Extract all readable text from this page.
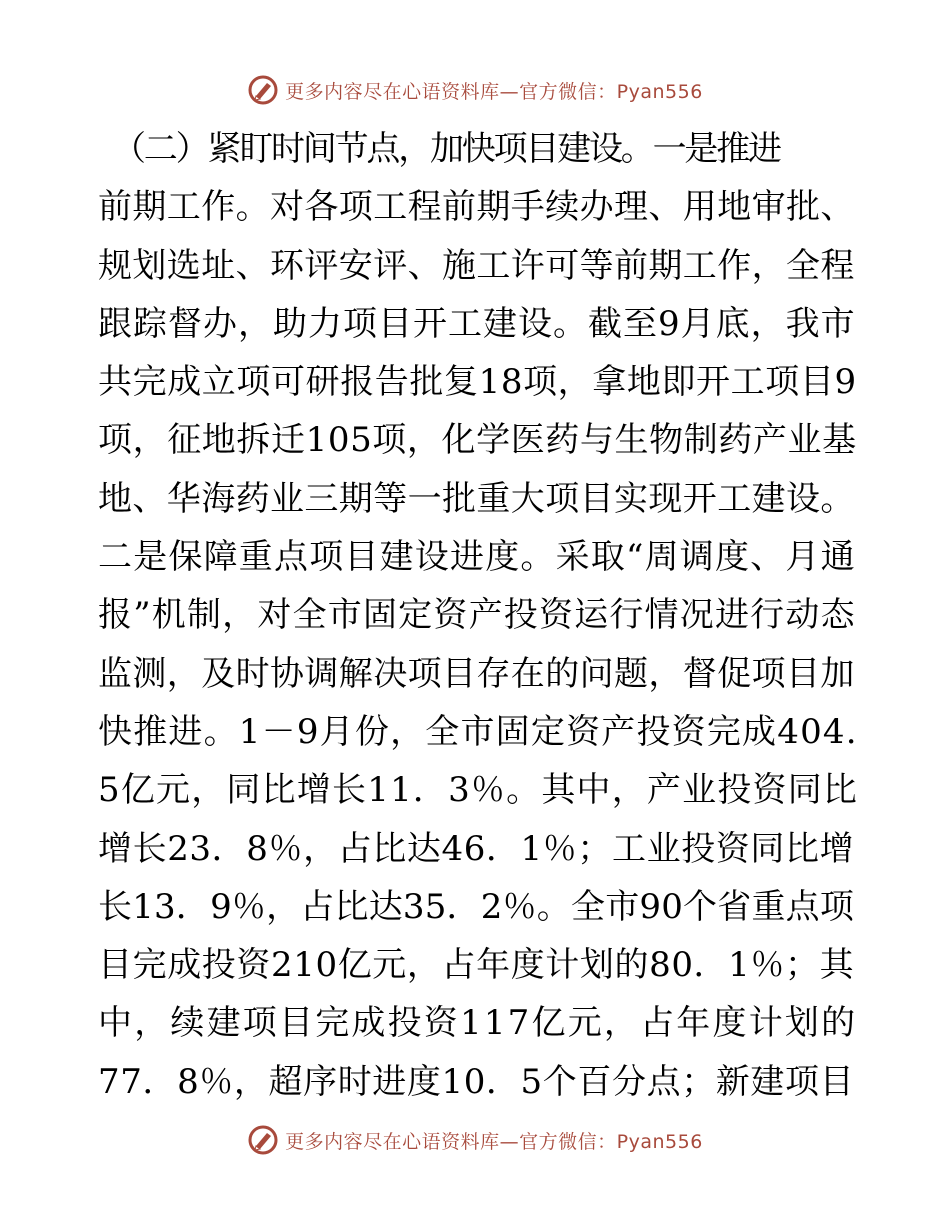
更多内容尽在心语资料库—官方微信：Pyan556
（二）紧盯时间节点，加快项目建设。一是推进
前期工作。对各项工程前期手续办理、用地审批、
规划选址、环评安评、施工许可等前期工作，全程
跟踪督办，助力项目开工建设。截至9月底，我市
共完成立项可研报告批复18项，拿地即开工项目9
项，征地拆迁105项，化学医药与生物制药产业基
地、华海药业三期等一批重大项目实现开工建设。
二是保障重点项目建设进度。采取“周调度、月通
报”机制，对全市固定资产投资运行情况进行动态
监测，及时协调解决项目存在的问题，督促项目加
快推进。1－9月份，全市固定资产投资完成404.
5亿元，同比增长11．3％。其中，产业投资同比
增长23．8％，占比达46．1％；工业投资同比增
长13．9％，占比达35．2％。全市90个省重点项
目完成投资210亿元，占年度计划的80．1％；其
中，续建项目完成投资117亿元，占年度计划的
77．8％，超序时进度10．5个百分点；新建项目
更多内容尽在心语资料库—官方微信：Pyan556
